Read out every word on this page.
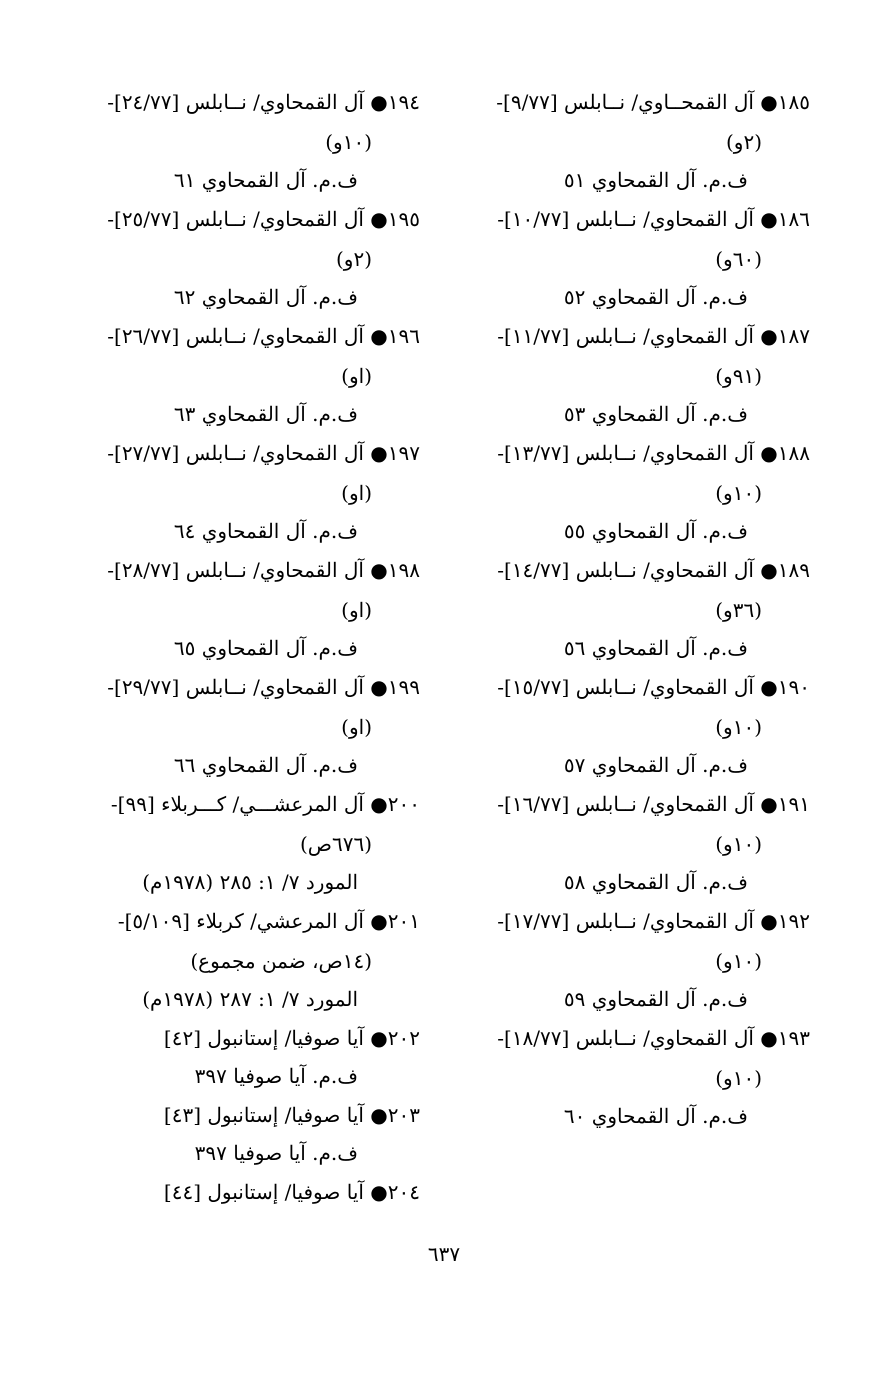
١٨٥● آل القمحــاوي/ نــابلس [٩/٧٧]-
(٢و)
ف.م. آل القمحاوي ٥١
١٨٦● آل القمحاوي/ نــابلس [١٠/٧٧]-
(٦٠و)
ف.م. آل القمحاوي ٥٢
١٨٧● آل القمحاوي/ نــابلس [١١/٧٧]-
(٩١و)
ف.م. آل القمحاوي ٥٣
١٨٨● آل القمحاوي/ نــابلس [١٣/٧٧]-
(١٠و)
ف.م. آل القمحاوي ٥٥
١٨٩● آل القمحاوي/ نــابلس [١٤/٧٧]-
(٣٦و)
ف.م. آل القمحاوي ٥٦
١٩٠● آل القمحاوي/ نــابلس [١٥/٧٧]-
(١٠و)
ف.م. آل القمحاوي ٥٧
١٩١● آل القمحاوي/ نــابلس [١٦/٧٧]-
(١٠و)
ف.م. آل القمحاوي ٥٨
١٩٢● آل القمحاوي/ نــابلس [١٧/٧٧]-
(١٠و)
ف.م. آل القمحاوي ٥٩
١٩٣● آل القمحاوي/ نــابلس [١٨/٧٧]-
(١٠و)
ف.م. آل القمحاوي ٦٠
١٩٤● آل القمحاوي/ نــابلس [٢٤/٧٧]-
(١٠و)
ف.م. آل القمحاوي ٦١
١٩٥● آل القمحاوي/ نــابلس [٢٥/٧٧]-
(٢و)
ف.م. آل القمحاوي ٦٢
١٩٦● آل القمحاوي/ نــابلس [٢٦/٧٧]-
(او)
ف.م. آل القمحاوي ٦٣
١٩٧● آل القمحاوي/ نــابلس [٢٧/٧٧]-
(او)
ف.م. آل القمحاوي ٦٤
١٩٨● آل القمحاوي/ نــابلس [٢٨/٧٧]-
(او)
ف.م. آل القمحاوي ٦٥
١٩٩● آل القمحاوي/ نــابلس [٢٩/٧٧]-
(او)
ف.م. آل القمحاوي ٦٦
٢٠٠● آل المرعشـــي/ كـــربلاء [٩٩]-
(٦٧٦ص)
المورد ٧/ ١: ٢٨٥ (١٩٧٨م)
٢٠١● آل المرعشي/ كربلاء [٥/١٠٩]-
(١٤ص، ضمن مجموع)
المورد ٧/ ١: ٢٨٧ (١٩٧٨م)
٢٠٢● آيا صوفيا/ إستانبول [٤٢]
ف.م. آيا صوفيا ٣٩٧
٢٠٣● آيا صوفيا/ إستانبول [٤٣]
ف.م. آيا صوفيا ٣٩٧
٢٠٤● آيا صوفيا/ إستانبول [٤٤]
٦٣٧
